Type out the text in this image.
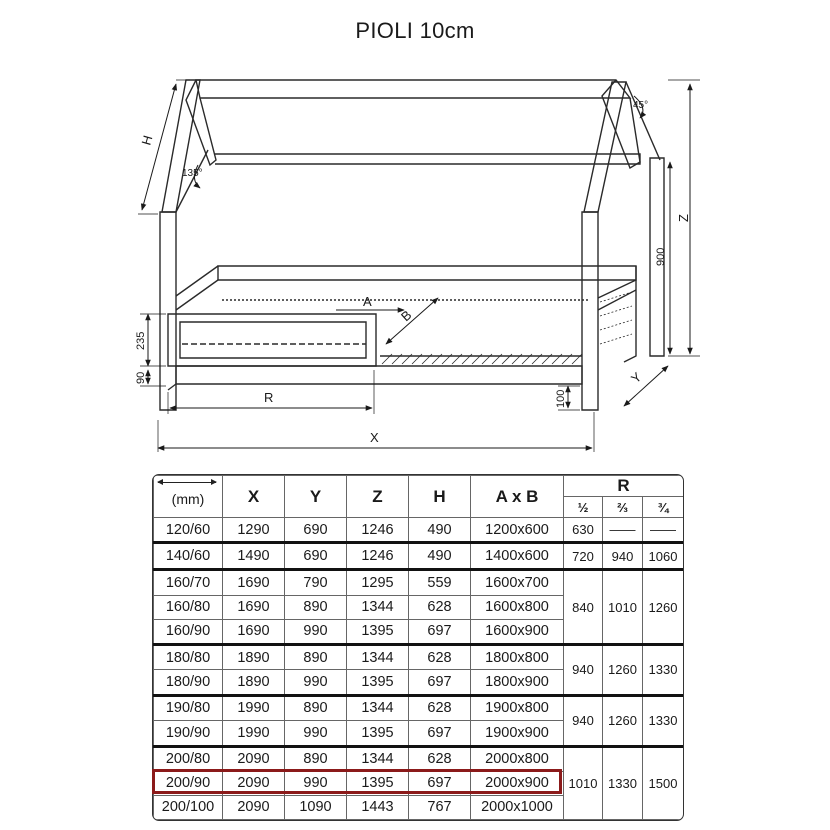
PIOLI 10cm
H
135°
45°
Z
900
235
90
A
B
R
X
100
Y
(mm)	X	Y	Z	H	A x B	R		
						½	⅔	¾
120/60	1290	690	1246	490	1200x600	630	——	——
140/60	1490	690	1246	490	1400x600	720	940	1060
160/70	1690	790	1295	559	1600x700	840	1010	1260
160/80	1690	890	1344	628	1600x800			
160/90	1690	990	1395	697	1600x900			
180/80	1890	890	1344	628	1800x800	940	1260	1330
180/90	1890	990	1395	697	1800x900			
190/80	1990	890	1344	628	1900x800	940	1260	1330
190/90	1990	990	1395	697	1900x900			
200/80	2090	890	1344	628	2000x800	1010	1330	1500
200/90	2090	990	1395	697	2000x900			
200/100	2090	1090	1443	767	2000x1000			
